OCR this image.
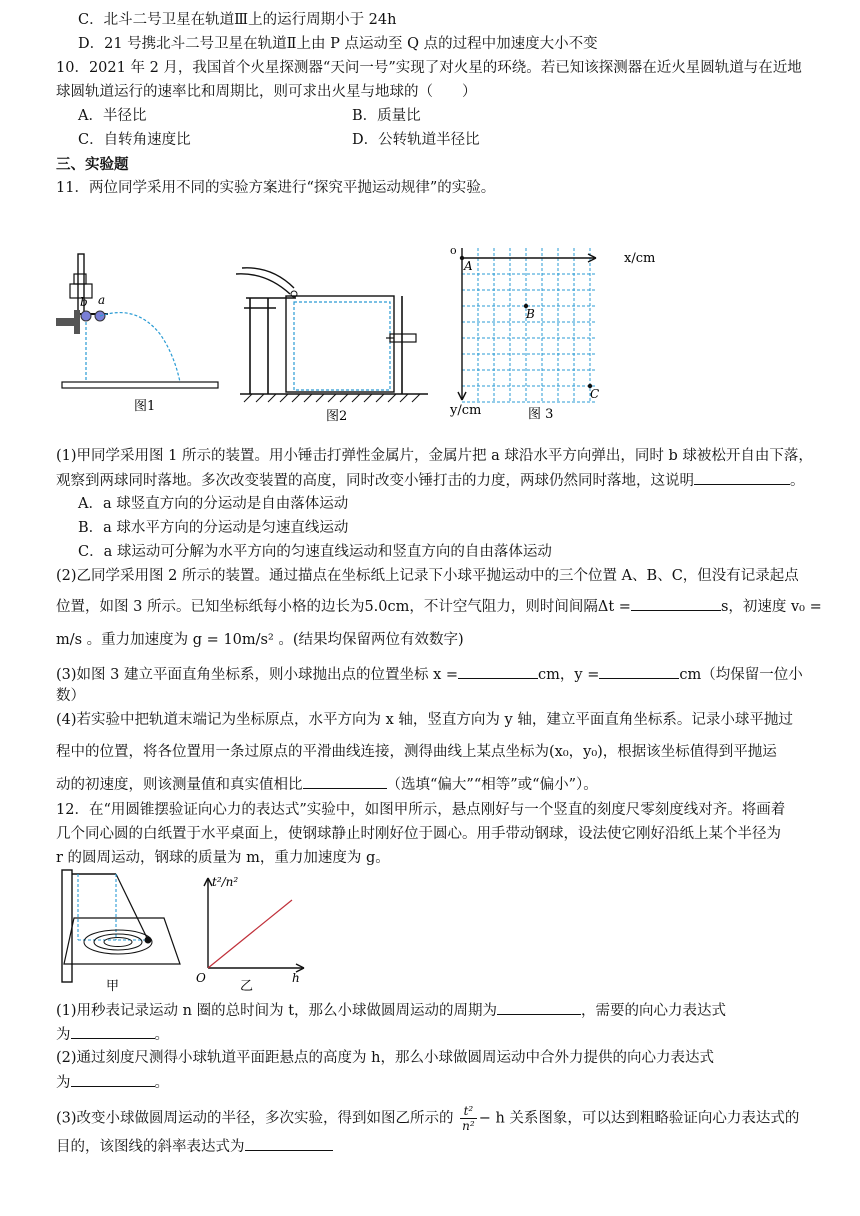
C．北斗二号卫星在轨道Ⅲ上的运行周期小于 24h
D．21 号携北斗二号卫星在轨道Ⅱ上由 P 点运动至 Q 点的过程中加速度大小不变
10．2021 年 2 月，我国首个火星探测器“天问一号”实现了对火星的环绕。若已知该探测器在近火星圆轨道与在近地
球圆轨道运行的速率比和周期比，则可求出火星与地球的（　　）
A．半径比	B．质量比
C．自转角速度比	D．公转轨道半径比
三、实验题
11．两位同学采用不同的实验方案进行“探究平抛运动规律”的实验。
b a
图1
图2
o
x/cm
y/cm
A
B
C
图 3
(1)甲同学采用图 1 所示的装置。用小锤击打弹性金属片，金属片把 a 球沿水平方向弹出，同时 b 球被松开自由下落，
观察到两球同时落地。多次改变装置的高度，同时改变小锤打击的力度，两球仍然同时落地，这说明	。
A．a 球竖直方向的分运动是自由落体运动
B．a 球水平方向的分运动是匀速直线运动
C．a 球运动可分解为水平方向的匀速直线运动和竖直方向的自由落体运动
(2)乙同学采用图 2 所示的装置。通过描点在坐标纸上记录下小球平抛运动中的三个位置 A、B、C，但没有记录起点
位置，如图 3 所示。已知坐标纸每小格的边长为5.0cm，不计空气阻力，则时间间隔Δt =	s，初速度 v₀ =
m/s 。重力加速度为 g = 10m/s² 。(结果均保留两位有效数字)
(3)如图 3 建立平面直角坐标系，则小球抛出点的位置坐标 x =	cm，y =	cm（均保留一位小
数）
(4)若实验中把轨道末端记为坐标原点，水平方向为 x 轴，竖直方向为 y 轴，建立平面直角坐标系。记录小球平抛过
程中的位置，将各位置用一条过原点的平滑曲线连接，测得曲线上某点坐标为(x₀，y₀)，根据该坐标值得到平抛运
动的初速度，则该测量值和真实值相比	（选填“偏大”“相等”或“偏小”）。
12．在“用圆锥摆验证向心力的表达式”实验中，如图甲所示，悬点刚好与一个竖直的刻度尺零刻度线对齐。将画着
几个同心圆的白纸置于水平桌面上，使钢球静止时刚好位于圆心。用手带动钢球，设法使它刚好沿纸上某个半径为
r 的圆周运动，钢球的质量为 m，重力加速度为 g。
甲
t²/n²
h
O
乙
(1)用秒表记录运动 n 圈的总时间为 t，那么小球做圆周运动的周期为	，需要的向心力表达式
为	。
(2)通过刻度尺测得小球轨道平面距悬点的高度为 h，那么小球做圆周运动中合外力提供的向心力表达式
为	。
(3)改变小球做圆周运动的半径，多次实验，得到如图乙所示的 $\frac{\text{t²}}{\text{n²}} - h$ 关系图象，可以达到粗略验证向心力表达式的
目的，该图线的斜率表达式为
